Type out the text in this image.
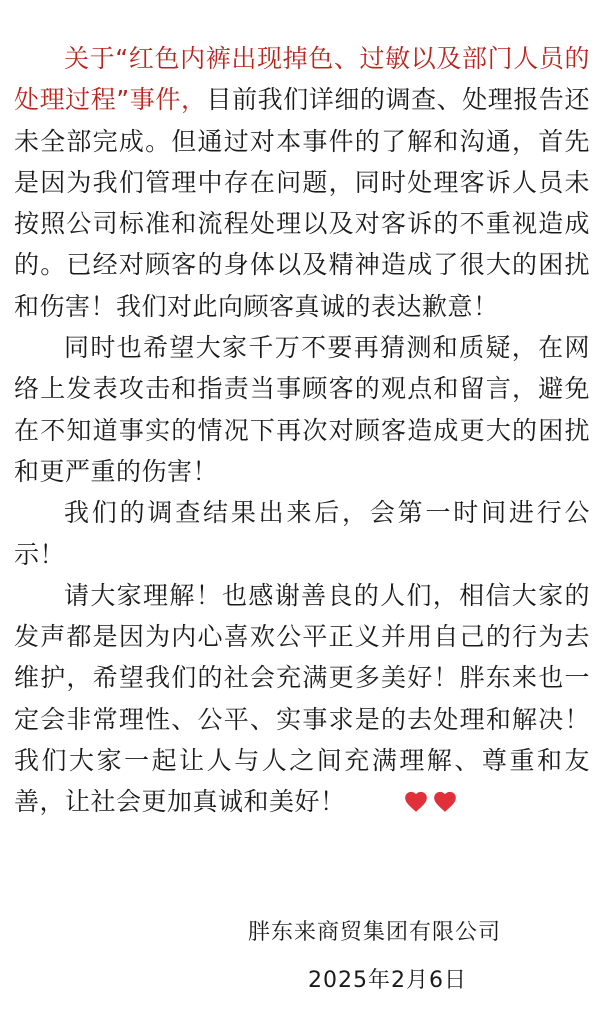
关于“红色内裤出现掉色、过敏以及部门人员的处理过程”事件，目前我们详细的调查、处理报告还未全部完成。但通过对本事件的了解和沟通，首先是因为我们管理中存在问题，同时处理客诉人员未按照公司标准和流程处理以及对客诉的不重视造成的。已经对顾客的身体以及精神造成了很大的困扰和伤害！我们对此向顾客真诚的表达歉意！

同时也希望大家千万不要再猜测和质疑，在网络上发表攻击和指责当事顾客的观点和留言，避免在不知道事实的情况下再次对顾客造成更大的困扰和更严重的伤害！

我们的调查结果出来后，会第一时间进行公示！

请大家理解！也感谢善良的人们，相信大家的发声都是因为内心喜欢公平正义并用自己的行为去维护，希望我们的社会充满更多美好！胖东来也一定会非常理性、公平、实事求是的去处理和解决！我们大家一起让人与人之间充满理解、尊重和友善，让社会更加真诚和美好！

胖东来商贸集团有限公司
2025年2月6日
